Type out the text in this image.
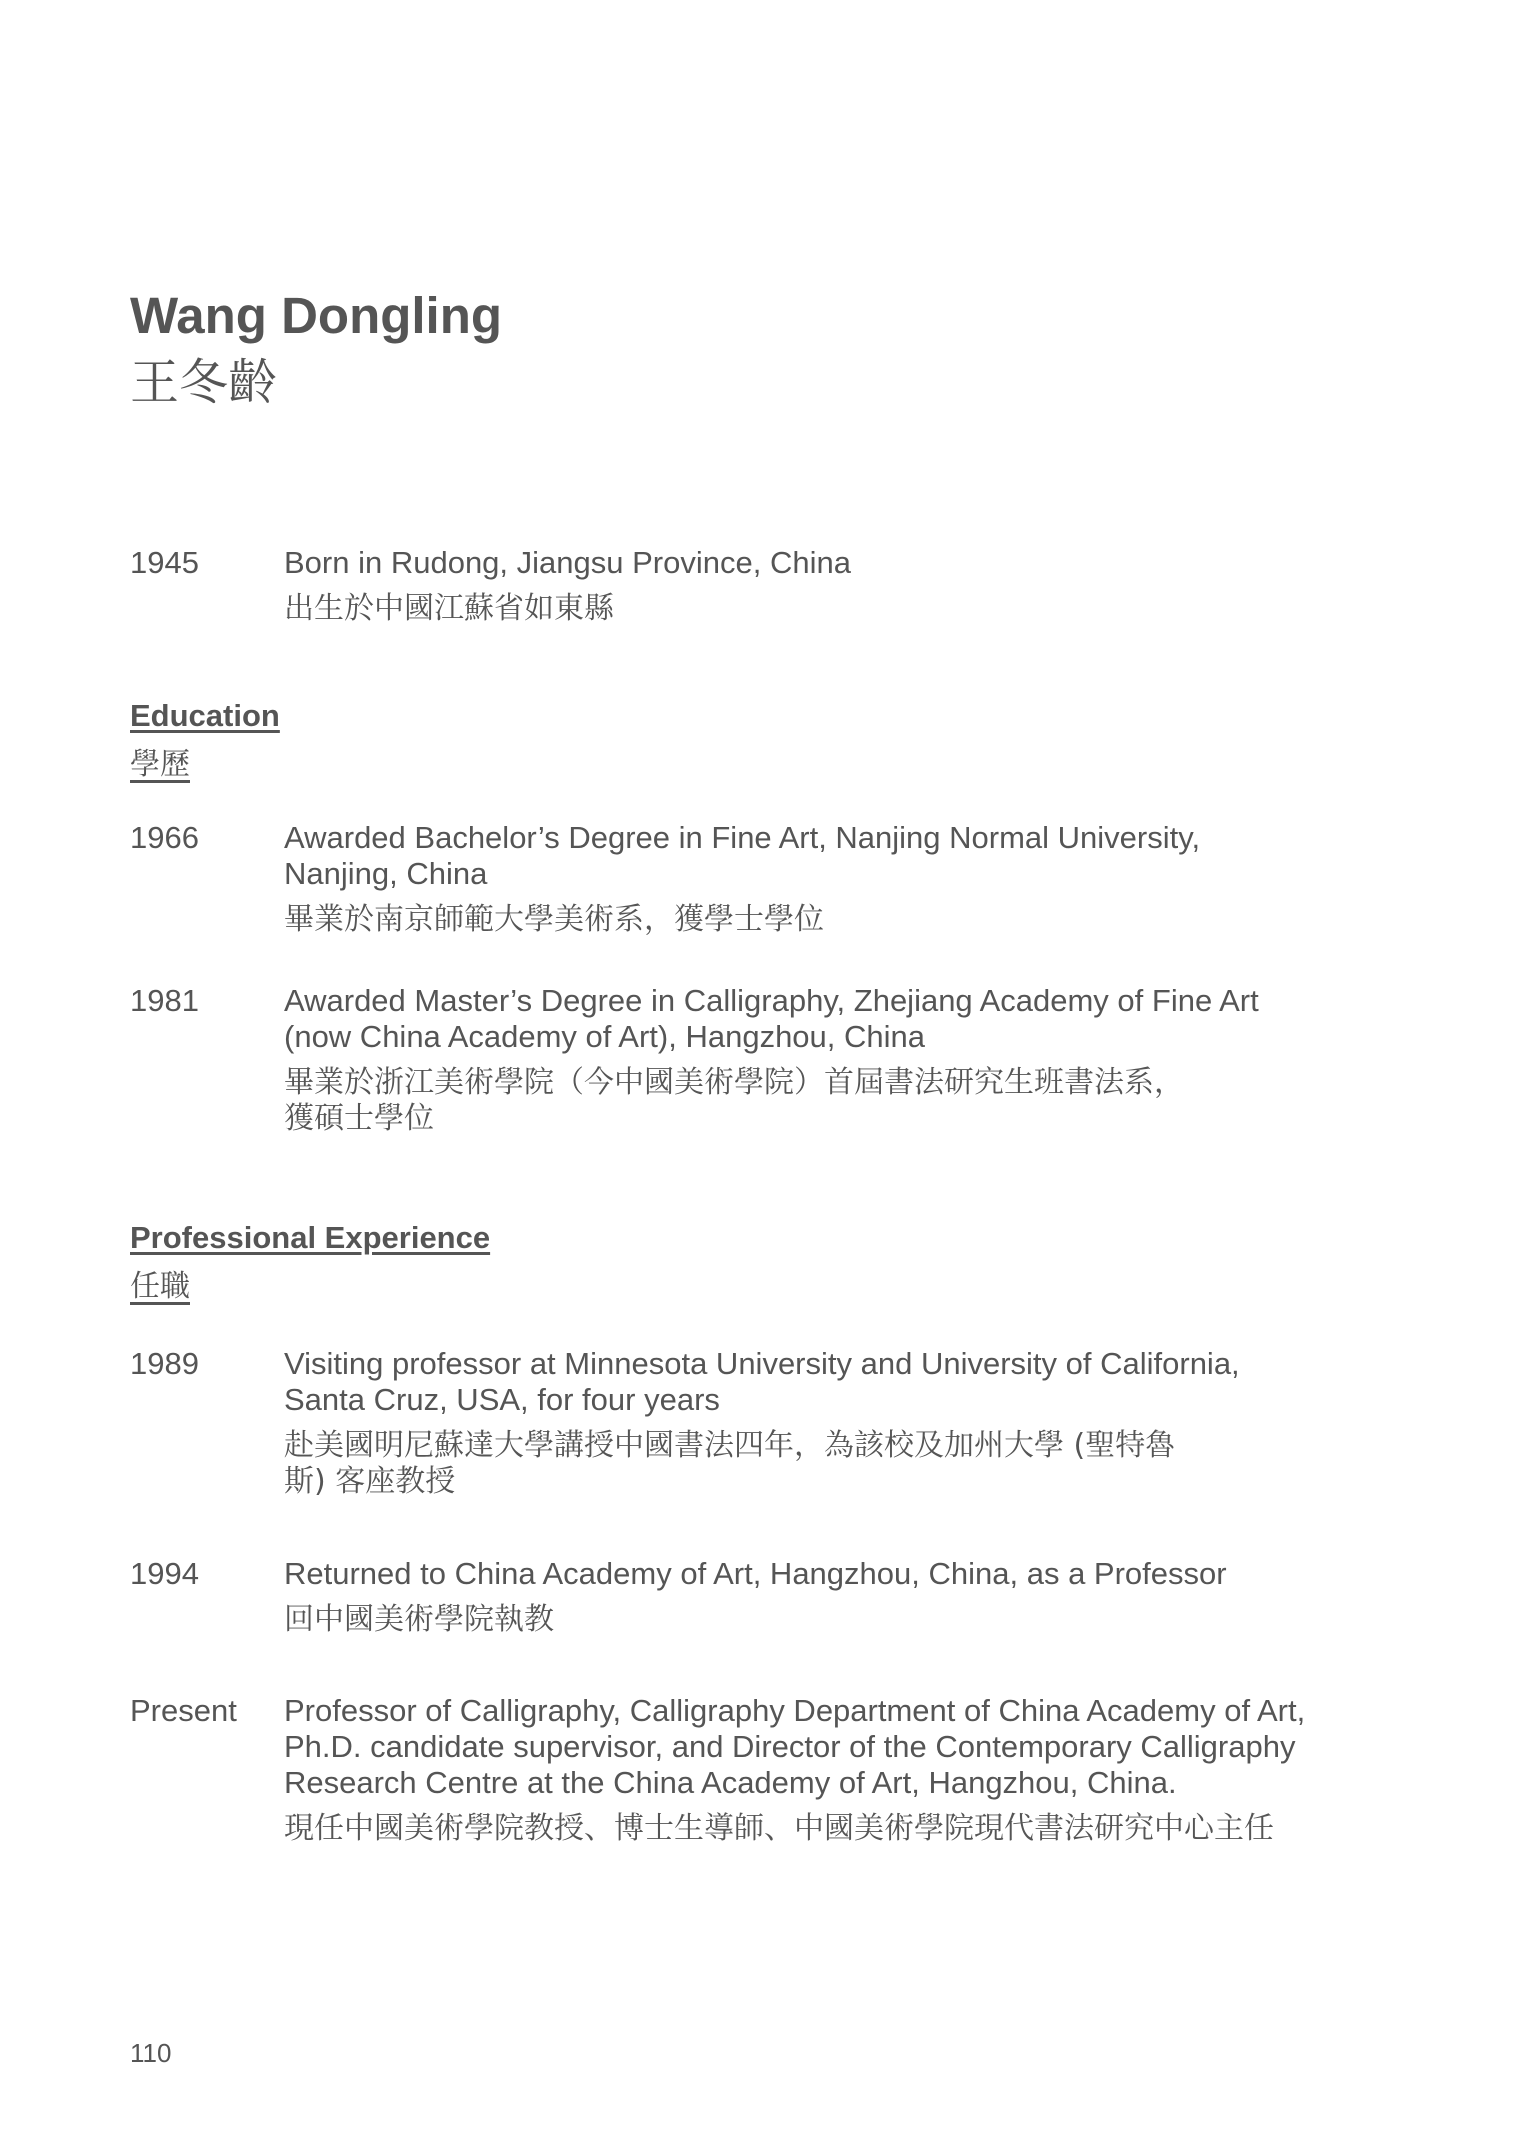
Wang Dongling
王冬齡
1945	Born in Rudong, Jiangsu Province, China
出生於中國江蘇省如東縣
Education
學歷
1966	Awarded Bachelor’s Degree in Fine Art, Nanjing Normal University,
Nanjing, China
畢業於南京師範大學美術系，獲學士學位
1981	Awarded Master’s Degree in Calligraphy, Zhejiang Academy of Fine Art
(now China Academy of Art), Hangzhou, China
畢業於浙江美術學院（今中國美術學院）首屆書法研究生班書法系，
獲碩士學位
Professional Experience
任職
1989	Visiting professor at Minnesota University and University of California,
Santa Cruz, USA, for four years
赴美國明尼蘇達大學講授中國書法四年，為該校及加州大學 (聖特魯
斯) 客座教授
1994	Returned to China Academy of Art, Hangzhou, China, as a Professor
回中國美術學院執教
Present Professor of Calligraphy, Calligraphy Department of China Academy of Art,
Ph.D. candidate supervisor, and Director of the Contemporary Calligraphy
Research Centre at the China Academy of Art, Hangzhou, China.
現任中國美術學院教授、博士生導師、中國美術學院現代書法研究中心主任
110
